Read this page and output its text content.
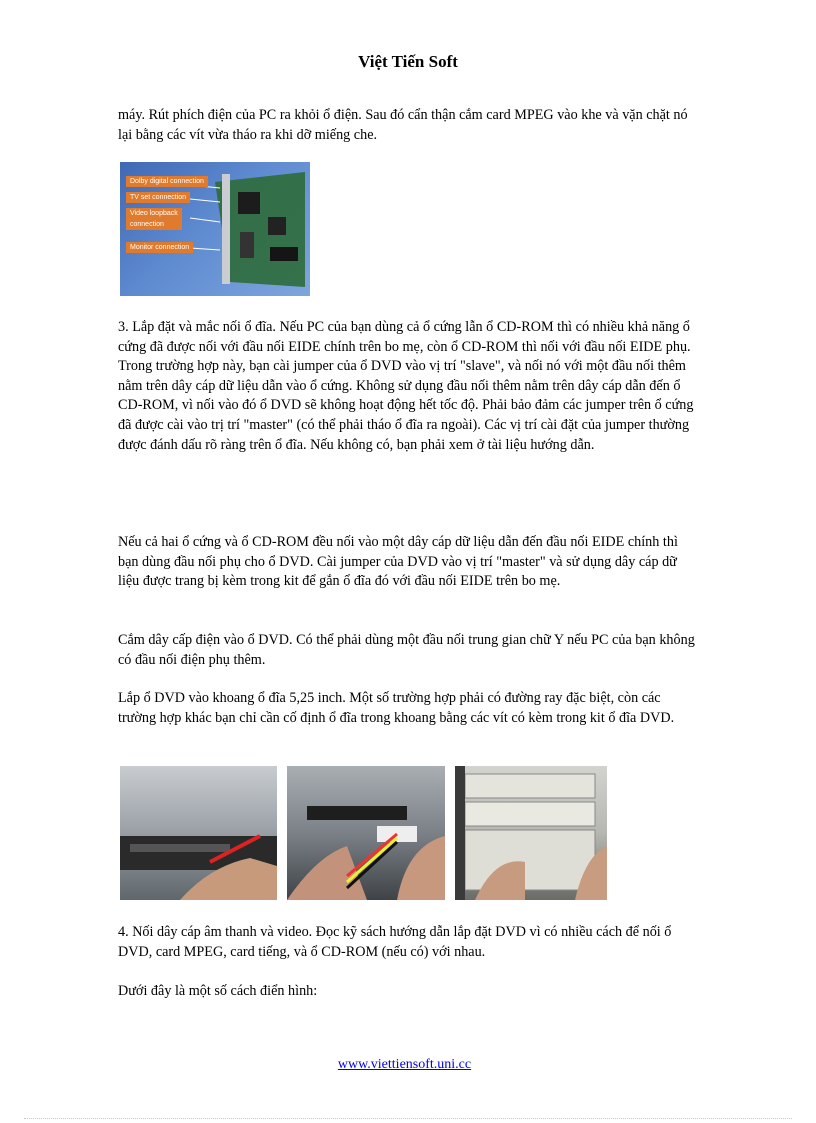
Việt Tiến Soft

máy. Rút phích điện của PC ra khỏi ổ điện. Sau đó cẩn thận cắm card MPEG vào khe và vặn chặt nó lại bằng các vít vừa tháo ra khi dỡ miếng che.

Dolby digital connection
TV set connection
Video loopback connection
Monitor connection

3. Lắp đặt và mắc nối ổ đĩa. Nếu PC của bạn dùng cả ổ cứng lẫn ổ CD-ROM thì có nhiều khả năng ổ cứng đã được nối với đầu nối EIDE chính trên bo mẹ, còn ổ CD-ROM thì nối với đầu nối EIDE phụ. Trong trường hợp này, bạn cài jumper của ổ DVD vào vị trí "slave", và nối nó với một đầu nối thêm nằm trên dây cáp dữ liệu dẫn vào ổ cứng. Không sử dụng đầu nối thêm nằm trên dây cáp dẫn đến ổ CD-ROM, vì nối vào đó ổ DVD sẽ không hoạt động hết tốc độ. Phải bảo đảm các jumper trên ổ cứng đã được cài vào trị trí "master" (có thể phải tháo ổ đĩa ra ngoài). Các vị trí cài đặt của jumper thường được đánh dấu rõ ràng trên ổ đĩa. Nếu không có, bạn phải xem ở tài liệu hướng dẫn.

Nếu cả hai ổ cứng và ổ CD-ROM đều nối vào một dây cáp dữ liệu dẫn đến đầu nối EIDE chính thì bạn dùng đầu nối phụ cho ổ DVD. Cài jumper của DVD vào vị trí "master" và sử dụng dây cáp dữ liệu được trang bị kèm trong kit để gắn ổ đĩa đó với đầu nối EIDE trên bo mẹ.

Cắm dây cấp điện vào ổ DVD. Có thể phải dùng một đầu nối trung gian chữ Y nếu PC của bạn không có đầu nối điện phụ thêm.

Lắp ổ DVD vào khoang ổ đĩa 5,25 inch. Một số trường hợp phải có đường ray đặc biệt, còn các trường hợp khác bạn chỉ cần cố định ổ đĩa trong khoang bằng các vít có kèm trong kit ổ đĩa DVD.

4. Nối dây cáp âm thanh và video. Đọc kỹ sách hướng dẫn lắp đặt DVD vì có nhiều cách để nối ổ DVD, card MPEG, card tiếng, và ổ CD-ROM (nếu có) với nhau.

Dưới đây là một số cách điển hình:

www.viettiensoft.uni.cc
